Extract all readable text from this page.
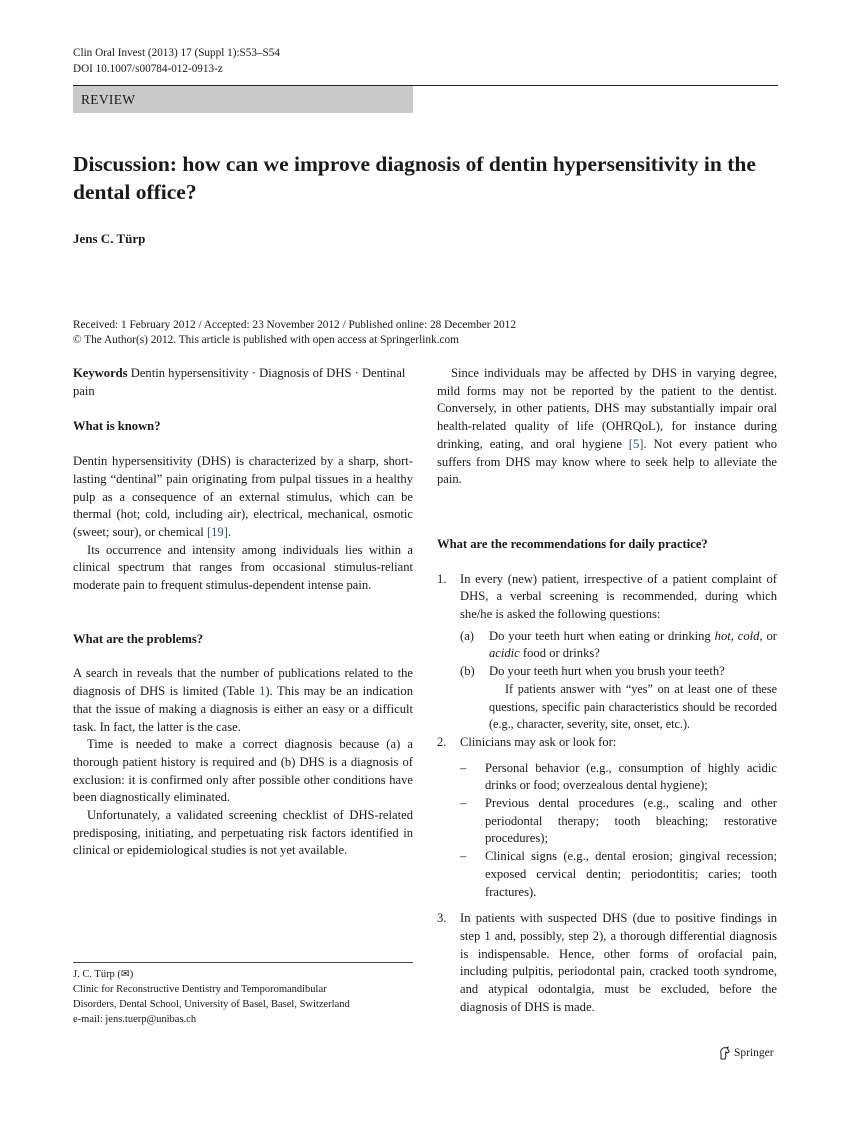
Clin Oral Invest (2013) 17 (Suppl 1):S53–S54
DOI 10.1007/s00784-012-0913-z
REVIEW
Discussion: how can we improve diagnosis of dentin hypersensitivity in the dental office?
Jens C. Türp
Received: 1 February 2012 / Accepted: 23 November 2012 / Published online: 28 December 2012
© The Author(s) 2012. This article is published with open access at Springerlink.com

Keywords Dentin hypersensitivity · Diagnosis of DHS · Dentinal pain

What is known?

Dentin hypersensitivity (DHS) is characterized by a sharp, short-lasting “dentinal” pain originating from pulpal tissues in a healthy pulp as a consequence of an external stimulus, which can be thermal (hot; cold, including air), electrical, mechanical, osmotic (sweet; sour), or chemical [19].

Its occurrence and intensity among individuals lies within a clinical spectrum that ranges from occasional stimulus-reliant moderate pain to frequent stimulus-dependent intense pain.

What are the problems?

A search in reveals that the number of publications related to the diagnosis of DHS is limited (Table 1). This may be an indication that the issue of making a diagnosis is either an easy or a difficult task. In fact, the latter is the case.

Time is needed to make a correct diagnosis because (a) a thorough patient history is required and (b) DHS is a diagnosis of exclusion: it is confirmed only after possible other conditions have been diagnostically eliminated.

Unfortunately, a validated screening checklist of DHS-related predisposing, initiating, and perpetuating risk factors identified in clinical or epidemiological studies is not yet available.

J. C. Türp (✉)
Clinic for Reconstructive Dentistry and Temporomandibular
Disorders, Dental School, University of Basel, Basel, Switzerland
e-mail: jens.tuerp@unibas.ch

Since individuals may be affected by DHS in varying degree, mild forms may not be reported by the patient to the dentist. Conversely, in other patients, DHS may substantially impair oral health-related quality of life (OHRQoL), for instance during drinking, eating, and oral hygiene [5]. Not every patient who suffers from DHS may know where to seek help to alleviate the pain.

What are the recommendations for daily practice?
1.	In every (new) patient, irrespective of a patient complaint of DHS, a verbal screening is recommended, during which she/he is asked the following questions:
(a)	Do your teeth hurt when eating or drinking hot, cold, or acidic food or drinks?
(b)	Do your teeth hurt when you brush your teeth?
If patients answer with “yes” on at least one of these questions, specific pain characteristics should be recorded (e.g., character, severity, site, onset, etc.).
2.	Clinicians may ask or look for:
–	Personal behavior (e.g., consumption of highly acidic drinks or food; overzealous dental hygiene);
–	Previous dental procedures (e.g., scaling and other periodontal therapy; tooth bleaching; restorative procedures);
–	Clinical signs (e.g., dental erosion; gingival recession; exposed cervical dentin; periodontitis; caries; tooth fractures).
3.	In patients with suspected DHS (due to positive findings in step 1 and, possibly, step 2), a thorough differential diagnosis is indispensable. Hence, other forms of orofacial pain, including pulpitis, periodontal pain, cracked tooth syndrome, and atypical odontalgia, must be excluded, before the diagnosis of DHS is made.
Springer
